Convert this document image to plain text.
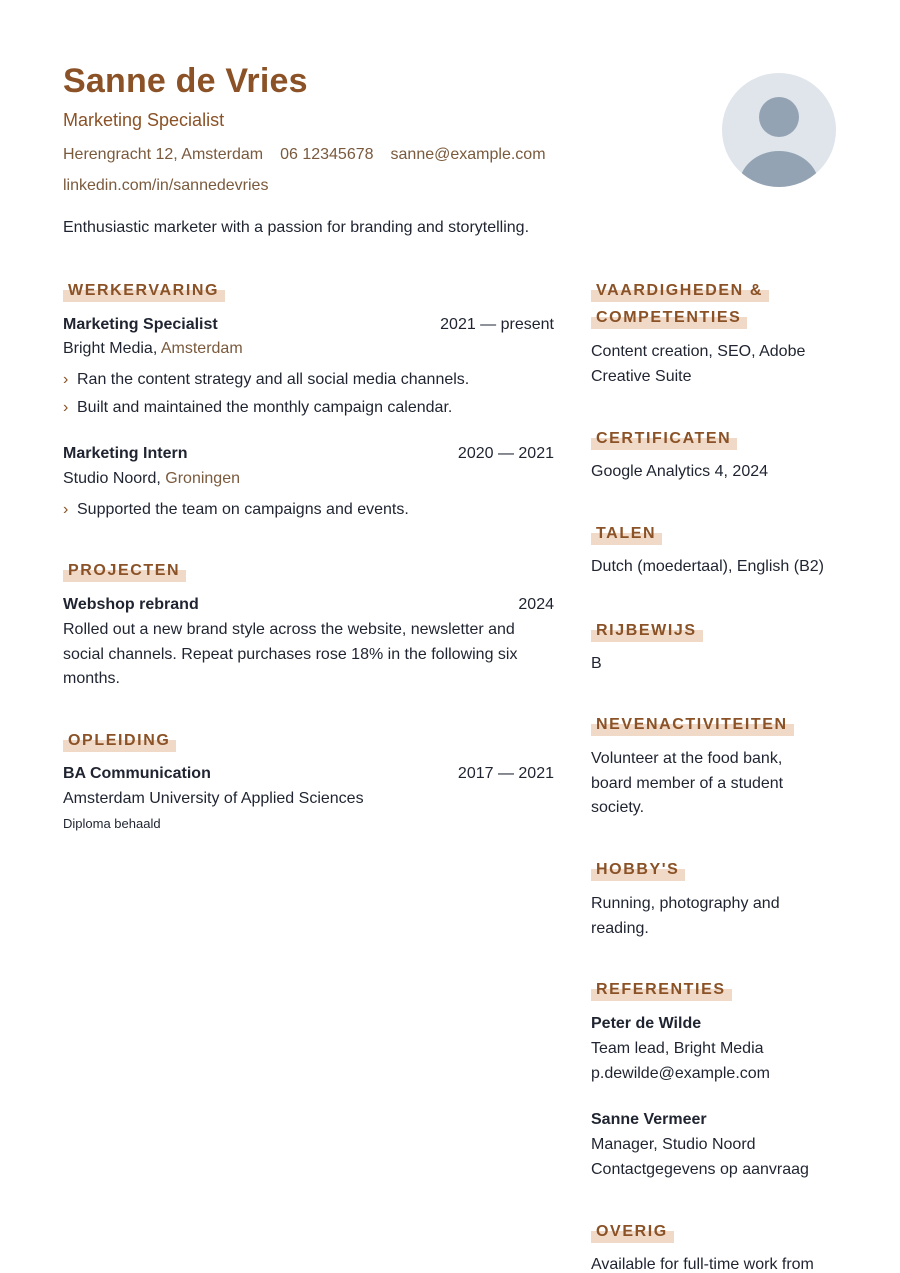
Sanne de Vries
Marketing Specialist
Herengracht 12, Amsterdam 06 12345678 sanne@example.com
linkedin.com/in/sannedevries
Enthusiastic marketer with a passion for branding and storytelling.
WERKERVARING
Marketing Specialist	2021 — present
Bright Media, Amsterdam
› Ran the content strategy and all social media channels.
› Built and maintained the monthly campaign calendar.
Marketing Intern	2020 — 2021
Studio Noord, Groningen
› Supported the team on campaigns and events.
PROJECTEN
Webshop rebrand	2024
Rolled out a new brand style across the website, newsletter and
social channels. Repeat purchases rose 18% in the following six
months.
OPLEIDING
BA Communication	2017 — 2021
Amsterdam University of Applied Sciences
Diploma behaald
VAARDIGHEDEN &
COMPETENTIES
Content creation, SEO, Adobe
Creative Suite
CERTIFICATEN
Google Analytics 4, 2024
TALEN
Dutch (moedertaal), English (B2)
RIJBEWIJS
B
NEVENACTIVITEITEN
Volunteer at the food bank,
board member of a student
society.
HOBBY'S
Running, photography and
reading.
REFERENTIES
Peter de Wilde
Team lead, Bright Media
p.dewilde@example.com
Sanne Vermeer
Manager, Studio Noord
Contactgegevens op aanvraag
OVERIG
Available for full-time work from
